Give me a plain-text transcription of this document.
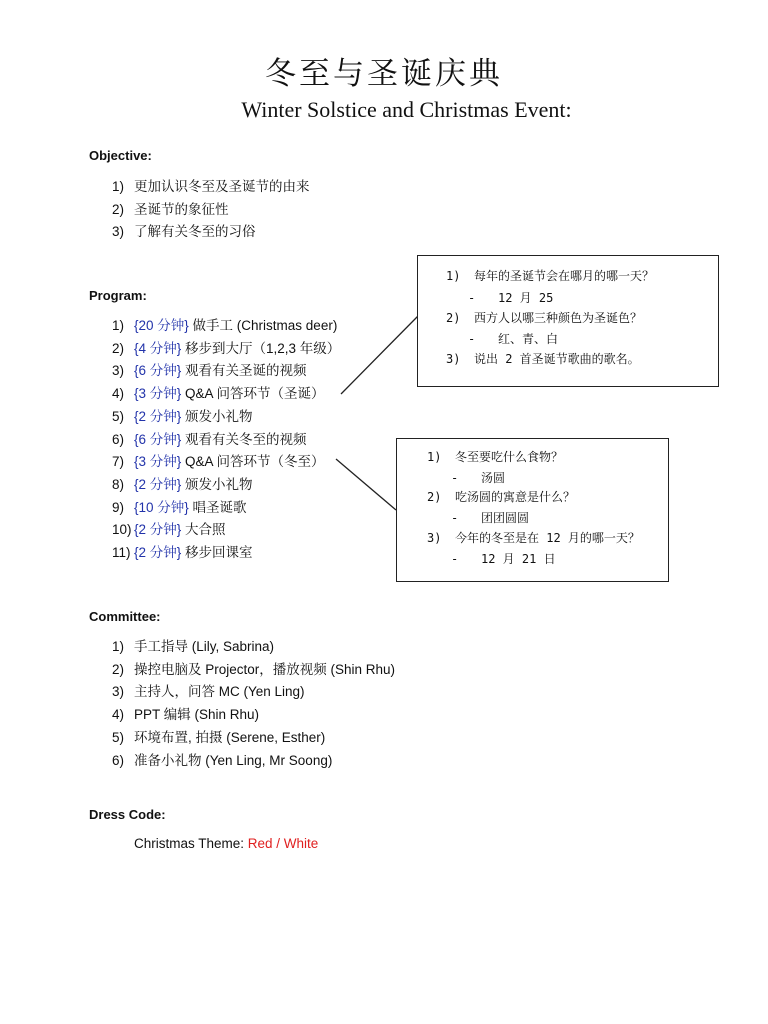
冬至与圣诞庆典
Winter Solstice and Christmas Event:
Objective:
1) 更加认识冬至及圣诞节的由来
2) 圣诞节的象征性
3) 了解有关冬至的习俗
Program:
1) {20 分钟} 做手工 (Christmas deer)
2) {4 分钟} 移步到大厅（1,2,3 年级）
3) {6 分钟} 观看有关圣诞的视频
4) {3 分钟} Q&A 问答环节（圣诞）
5) {2 分钟} 颁发小礼物
6) {6 分钟} 观看有关冬至的视频
7) {3 分钟} Q&A 问答环节（冬至）
8) {2 分钟} 颁发小礼物
9) {10 分钟} 唱圣诞歌
10) {2 分钟} 大合照
11) {2 分钟} 移步回课室
1) 每年的圣诞节会在哪月的哪一天？
- 12 月 25
2) 西方人以哪三种颜色为圣诞色？
- 红、青、白
3) 说出 2 首圣诞节歌曲的歌名。
1) 冬至要吃什么食物？
- 汤圆
2) 吃汤圆的寓意是什么？
- 团团圆圆
3) 今年的冬至是在 12 月的哪一天？
- 12 月 21 日
Committee:
1) 手工指导 (Lily, Sabrina)
2) 操控电脑及 Projector，播放视频 (Shin Rhu)
3) 主持人，问答 MC (Yen Ling)
4) PPT 编辑 (Shin Rhu)
5) 环境布置, 拍摄 (Serene, Esther)
6) 准备小礼物 (Yen Ling, Mr Soong)
Dress Code:
Christmas Theme: Red / White
